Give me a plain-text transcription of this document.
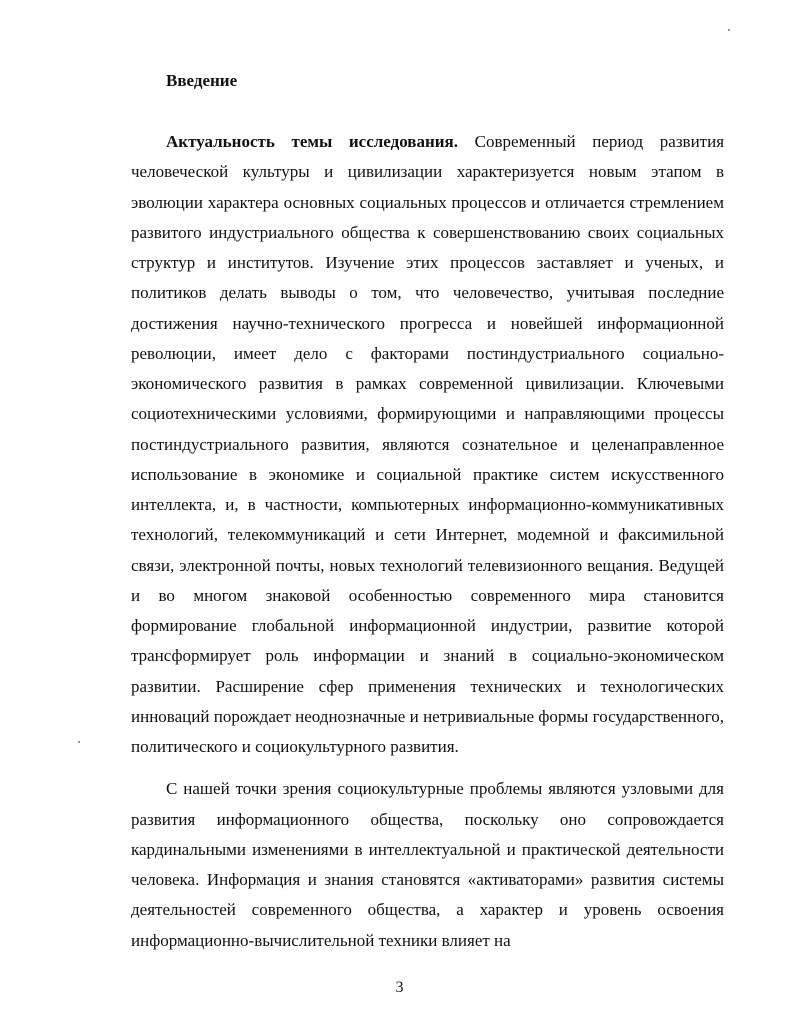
Введение

Актуальность темы исследования. Современный период развития человеческой культуры и цивилизации характеризуется новым этапом в эволюции характера основных социальных процессов и отличается стремлением развитого индустриального общества к совершенствованию своих социальных структур и институтов. Изучение этих процессов заставляет и ученых, и политиков делать выводы о том, что человечество, учитывая последние достижения научно-технического прогресса и новейшей информационной революции, имеет дело с факторами постиндустриального социально-экономического развития в рамках современной цивилизации. Ключевыми социотехническими условиями, формирующими и направляющими процессы постиндустриального развития, являются сознательное и целенаправленное использование в экономике и социальной практике систем искусственного интеллекта, и, в частности, компьютерных информационно-коммуникативных технологий, телекоммуникаций и сети Интернет, модемной и факсимильной связи, электронной почты, новых технологий телевизионного вещания. Ведущей и во многом знаковой особенностью современного мира становится формирование глобальной информационной индустрии, развитие которой трансформирует роль информации и знаний в социально-экономическом развитии. Расширение сфер применения технических и технологических инноваций порождает неоднозначные и нетривиальные формы государственного, политического и социокультурного развития.

С нашей точки зрения социокультурные проблемы являются узловыми для развития информационного общества, поскольку оно сопровождается кардинальными изменениями в интеллектуальной и практической деятельности человека. Информация и знания становятся «активаторами» развития системы деятельностей современного общества, а характер и уровень освоения информационно-вычислительной техники влияет на

3
